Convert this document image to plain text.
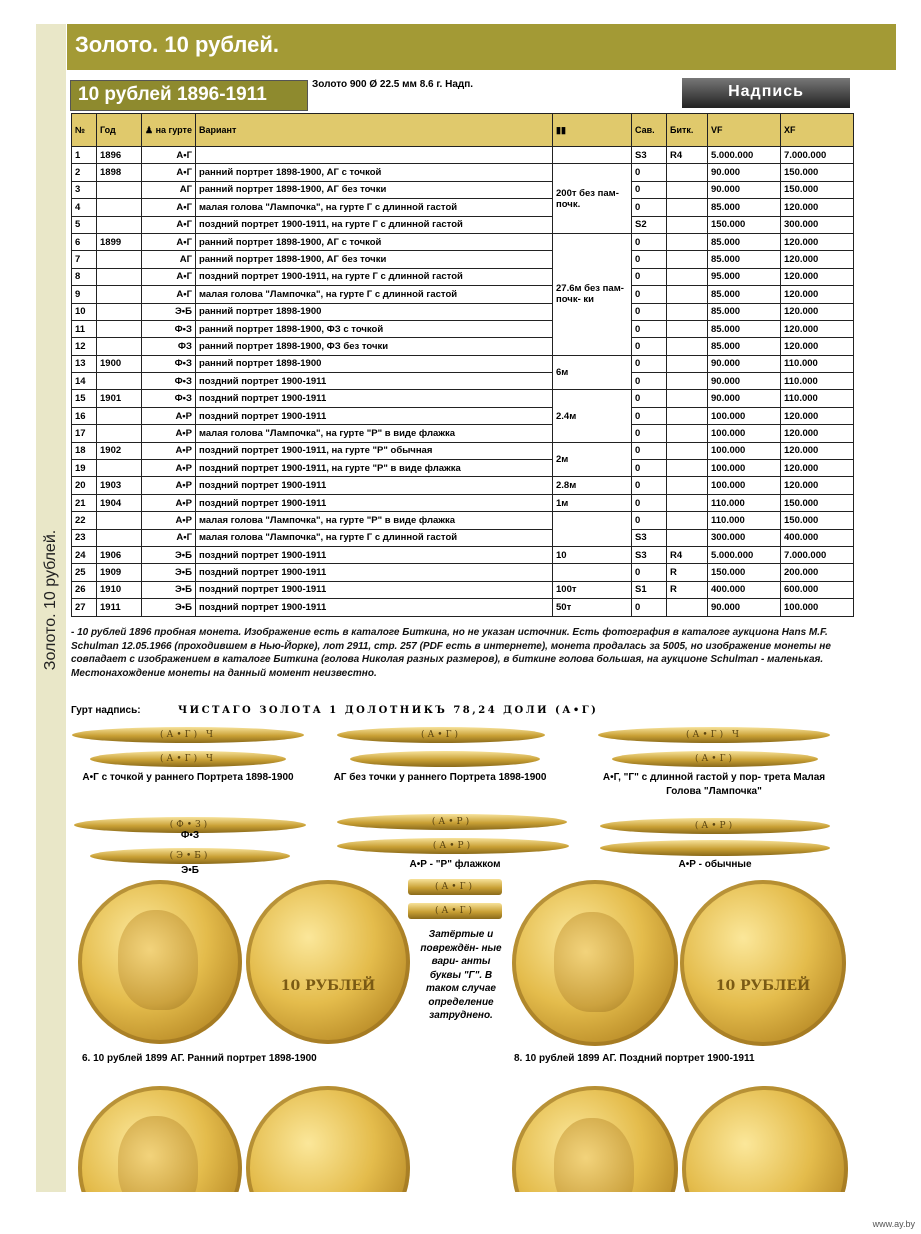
Золото. 10 рублей.
Золото. 10 рублей.
10 рублей 1896-1911	Золото 900 Ø 22.5 мм 8.6 г. Надп.	Надпись
№	Год	♟ на гурте	Вариант	▮▮	Сав.	Битк.	VF	XF
1	1896	А•Г			S3	R4	5.000.000	7.000.000
2	1898	А•Г	ранний портрет 1898-1900, АГ с точкой	200т без пам- почк.	0		90.000	150.000
3		АГ	ранний портрет 1898-1900, АГ без точки		0		90.000	150.000
4		А•Г	малая голова "Лампочка", на гурте Г с длинной гастой		0		85.000	120.000
5		А•Г	поздний портрет 1900-1911, на гурте Г с длинной гастой		S2		150.000	300.000
6	1899	А•Г	ранний портрет 1898-1900, АГ с точкой	27.6м без пам- почк- ки	0		85.000	120.000
7		АГ	ранний портрет 1898-1900, АГ без точки		0		85.000	120.000
8		А•Г	поздний портрет 1900-1911, на гурте Г с длинной гастой		0		95.000	120.000
9		А•Г	малая голова "Лампочка", на гурте Г с длинной гастой		0		85.000	120.000
10		Э•Б	ранний портрет 1898-1900		0		85.000	120.000
11		Ф•З	ранний портрет 1898-1900, ФЗ с точкой		0		85.000	120.000
12		ФЗ	ранний портрет 1898-1900, ФЗ без точки		0		85.000	120.000
13	1900	Ф•З	ранний портрет 1898-1900	6м	0		90.000	110.000
14		Ф•З	поздний портрет 1900-1911		0		90.000	110.000
15	1901	Ф•З	поздний портрет 1900-1911	2.4м	0		90.000	110.000
16		А•Р	поздний портрет 1900-1911		0		100.000	120.000
17		А•Р	малая голова "Лампочка", на гурте "Р" в виде флажка		0		100.000	120.000
18	1902	А•Р	поздний портрет 1900-1911, на гурте "Р" обычная	2м	0		100.000	120.000
19		А•Р	поздний портрет 1900-1911, на гурте "Р" в виде флажка		0		100.000	120.000
20	1903	А•Р	поздний портрет 1900-1911	2.8м	0		100.000	120.000
21	1904	А•Р	поздний портрет 1900-1911	1м	0		110.000	150.000
22		А•Р	малая голова "Лампочка", на гурте "Р" в виде флажка		0		110.000	150.000
23		А•Г	малая голова "Лампочка", на гурте Г с длинной гастой		S3		300.000	400.000
24	1906	Э•Б	поздний портрет 1900-1911	10	S3	R4	5.000.000	7.000.000
25	1909	Э•Б	поздний портрет 1900-1911		0	R	150.000	200.000
26	1910	Э•Б	поздний портрет 1900-1911	100т	S1	R	400.000	600.000
27	1911	Э•Б	поздний портрет 1900-1911	50т	0		90.000	100.000
- 10 рублей 1896 пробная монета. Изображение есть в каталоге Биткина, но не указан источник. Есть фотография в каталоге аукциона Hans M.F. Schulman 12.05.1966 (проходившем в Нью-Йорке), лот 2911, стр. 257 (PDF есть в интернете), монета продалась за 5005, но изображение монеты не совпадает с изображением в каталоге Биткина (голова Николая разных размеров), в биткине голова большая, на аукционе Schulman - маленькая. Местонахождение монеты на данный момент неизвестно.
Гурт надпись:	ЧИСТАГО ЗОЛОТА 1 ДОЛОТНИКЪ 78,24 ДОЛИ (А•Г)
(А•Г) Ч
(А•Г) Ч
(А•Г)	(А•Г) Ч
(А•Г)
А•Г с точкой у раннего Портрета 1898-1900	АГ без точки у раннего Портрета 1898-1900	А•Г, "Г" с длинной гастой у пор- трета Малая Голова "Лампочка"
(Ф•З)
Ф•З
(Э•Б)
Э•Б
(А•Р)
(А•Р)
А•Р - "Р" флажком
(А•Р)
А•Р - обычные
(А•Г)
(А•Г)
10 РУБЛЕЙ
Затёртые и повреждён- ные вари- анты буквы "Г". В таком случае определение затруднено.
10 РУБЛЕЙ
6. 10 рублей 1899 АГ. Ранний портрет 1898-1900	8. 10 рублей 1899 АГ. Поздний портрет 1900-1911
www.ay.by
